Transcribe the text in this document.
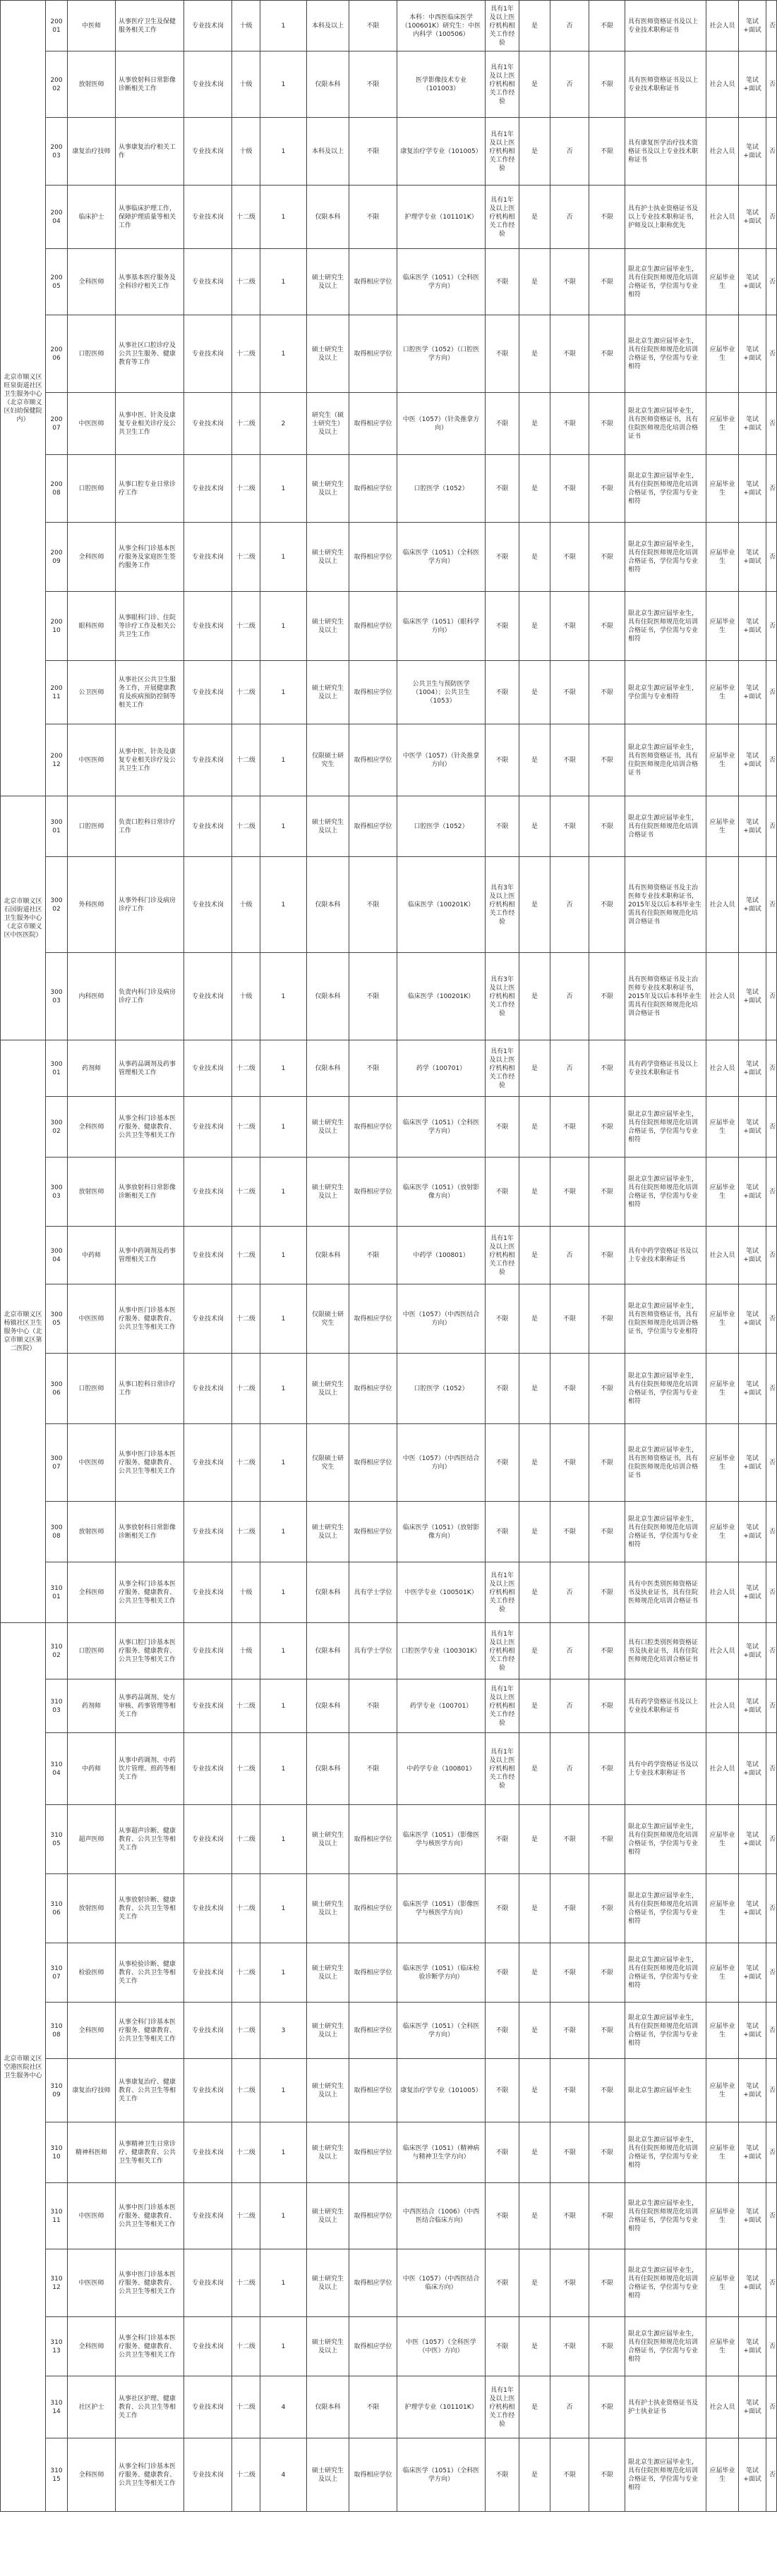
北京市顺义区旺泉街道社区卫生服务中心（北京市顺义区妇幼保健院内）	20001	中医师	从事医疗卫生及保健服务相关工作	专业技术岗	十级	1	本科及以上	不限	本科：中西医临床医学（100601K）研究生：中医内科学（100506）	具有1年及以上医疗机构相关工作经验	是	否	不限	具有医师资格证书及以上专业技术职称证书	社会人员	笔试+面试	否
	20002	放射医师	从事放射科日常影像诊断相关工作	专业技术岗	十级	1	仅限本科	不限	医学影像技术专业（101003）	具有1年及以上医疗机构相关工作经验	是	否	不限	具有医师资格证书及以上专业技术职称证书	社会人员	笔试+面试	否
	20003	康复治疗技师	从事康复治疗相关工作	专业技术岗	十级	1	本科及以上	不限	康复治疗学专业（101005）	具有1年及以上医疗机构相关工作经验	是	否	不限	具有康复医学治疗技术资格证书及以上专业技术职称证书	社会人员	笔试+面试	否
	20004	临床护士	从事临床护理工作，保障护理质量等相关工作	专业技术岗	十二级	1	仅限本科	不限	护理学专业（101101K）	具有1年及以上医疗机构相关工作经验	是	否	不限	具有护士执业资格证书及以上专业技术职称证书，护师及以上职称优先	社会人员	笔试+面试	否
	20005	全科医师	从事基本医疗服务及全科诊疗相关工作	专业技术岗	十二级	1	硕士研究生及以上	取得相应学位	临床医学（1051）（全科医学方向）	不限	是	不限	不限	限北京生源应届毕业生，具有住院医师规范化培训合格证书，学位需与专业相符	应届毕业生	笔试+面试	否
	20006	口腔医师	从事社区口腔诊疗及公共卫生服务、健康教育等工作	专业技术岗	十二级	1	硕士研究生及以上	取得相应学位	口腔医学（1052）（口腔医学方向）	不限	是	不限	不限	限北京生源应届毕业生，具有住院医师规范化培训合格证书，学位需与专业相符	应届毕业生	笔试+面试	否
	20007	中医医师	从事中医、针灸及康复专业相关诊疗及公共卫生工作	专业技术岗	十二级	2	研究生（硕士研究生）及以上	取得相应学位	中医（1057）（针灸推拿方向）	不限	是	不限	不限	限北京生源应届毕业生，具有医师资格证书，具有住院医师规范化培训合格证书	应届毕业生	笔试+面试	否
	20008	口腔医师	从事口腔专业日常诊疗工作	专业技术岗	十二级	1	硕士研究生及以上	取得相应学位	口腔医学（1052）	不限	是	不限	不限	限北京生源应届毕业生，具有住院医师规范化培训合格证书，学位需与专业相符	应届毕业生	笔试+面试	否
	20009	全科医师	从事全科门诊基本医疗服务及家庭医生签约服务工作	专业技术岗	十二级	1	硕士研究生及以上	取得相应学位	临床医学（1051）（全科医学方向）	不限	是	不限	不限	限北京生源应届毕业生，具有住院医师规范化培训合格证书，学位需与专业相符	应届毕业生	笔试+面试	否
	20010	眼科医师	从事眼科门诊、住院等诊疗工作及相关公共卫生工作	专业技术岗	十二级	1	硕士研究生及以上	取得相应学位	临床医学（1051）（眼科学方向）	不限	是	不限	不限	限北京生源应届毕业生，具有住院医师规范化培训合格证书，学位需与专业相符	应届毕业生	笔试+面试	否
	20011	公卫医师	从事社区公共卫生服务工作，开展健康教育及疾病预防控制等相关工作	专业技术岗	十二级	1	硕士研究生及以上	取得相应学位	公共卫生与预防医学（1004）；公共卫生（1053）	不限	是	不限	不限	限北京生源应届毕业生，学位需与专业相符	应届毕业生	笔试+面试	否
	20012	中医医师	从事中医、针灸及康复专业相关诊疗及公共卫生工作	专业技术岗	十二级	1	仅限硕士研究生	取得相应学位	中医学（1057）（针灸推拿方向）	不限	是	不限	不限	限北京生源应届毕业生，具有医师资格证书，具有住院医师规范化培训合格证书	应届毕业生	笔试+面试	否
北京市顺义区石园街道社区卫生服务中心（北京市顺义区中医医院）	30001	口腔医师	负责口腔科日常诊疗工作	专业技术岗	十二级	1	硕士研究生及以上	取得相应学位	口腔医学（1052）	不限	是	不限	不限	限北京生源应届毕业生，具有住院医师规范化培训合格证书	应届毕业生	笔试+面试	否
	30002	外科医师	从事外科门诊及病房诊疗工作	专业技术岗	十级	1	仅限本科	不限	临床医学（100201K）	具有3年及以上医疗机构相关工作经验	是	否	不限	具有医师资格证书及主治医师专业技术职称证书，2015年及以后本科毕业生需具有住院医师规范化培训合格证书	社会人员	笔试+面试	否
	30003	内科医师	负责内科门诊及病房诊疗工作	专业技术岗	十级	1	仅限本科	不限	临床医学（100201K）	具有3年及以上医疗机构相关工作经验	是	否	不限	具有医师资格证书及主治医师专业技术职称证书，2015年及以后本科毕业生需具有住院医师规范化培训合格证书	社会人员	笔试+面试	否
北京市顺义区杨镇社区卫生服务中心（北京市顺义区第二医院）	30001	药剂师	从事药品调剂及药事管理相关工作	专业技术岗	十二级	1	仅限本科	不限	药学（100701）	具有1年及以上医疗机构相关工作经验	是	否	不限	具有药学资格证书及以上专业技术职称证书	社会人员	笔试+面试	否
	30002	全科医师	从事全科门诊基本医疗服务、健康教育、公共卫生等相关工作	专业技术岗	十二级	1	硕士研究生及以上	取得相应学位	临床医学（1051）（全科医学方向）	不限	是	不限	不限	限北京生源应届毕业生，具有住院医师规范化培训合格证书，学位需与专业相符	应届毕业生	笔试+面试	否
	30003	放射医师	从事放射科日常影像诊断相关工作	专业技术岗	十二级	1	硕士研究生及以上	取得相应学位	临床医学（1051）（放射影像方向）	不限	是	不限	不限	限北京生源应届毕业生，具有住院医师规范化培训合格证书，学位需与专业相符	应届毕业生	笔试+面试	否
	30004	中药师	从事中药调剂及药事管理相关工作	专业技术岗	十二级	1	仅限本科	不限	中药学（100801）	具有1年及以上医疗机构相关工作经验	是	否	不限	具有中药学资格证书及以上专业技术职称证书	社会人员	笔试+面试	否
	30005	中医医师	从事中医门诊基本医疗服务、健康教育、公共卫生等相关工作	专业技术岗	十二级	1	仅限硕士研究生	取得相应学位	中医（1057）（中西医结合方向）	不限	是	不限	不限	限北京生源应届毕业生，具有医师资格证书，具有住院医师规范化培训合格证书，学位需与专业相符	应届毕业生	笔试+面试	否
	30006	口腔医师	从事口腔科日常诊疗工作	专业技术岗	十二级	1	硕士研究生及以上	取得相应学位	口腔医学（1052）	不限	是	不限	不限	限北京生源应届毕业生，具有住院医师规范化培训合格证书，学位需与专业相符	应届毕业生	笔试+面试	否
	30007	中医医师	从事中医门诊基本医疗服务、健康教育、公共卫生等相关工作	专业技术岗	十二级	1	仅限硕士研究生	取得相应学位	中医（1057）（中西医结合方向）	不限	是	不限	不限	限北京生源应届毕业生，具有医师资格证书，具有住院医师规范化培训合格证书	应届毕业生	笔试+面试	否
	30008	放射医师	从事放射科日常影像诊断相关工作	专业技术岗	十二级	1	硕士研究生及以上	取得相应学位	临床医学（1051）（放射影像方向）	不限	是	不限	不限	限北京生源应届毕业生，具有住院医师规范化培训合格证书，学位需与专业相符	应届毕业生	笔试+面试	否
	31001	全科医师	从事全科门诊基本医疗服务、健康教育、公共卫生等相关工作	专业技术岗	十级	1	仅限本科	具有学士学位	中医学专业（100501K）	具有1年及以上医疗机构相关工作经验	是	否	不限	具有中医类别医师资格证书及执业证书，具有住院医师规范化培训合格证书	社会人员	笔试+面试	否
北京市顺义区空港医院社区卫生服务中心	31002	口腔医师	从事口腔门诊基本医疗服务、健康教育、公共卫生等相关工作	专业技术岗	十级	1	仅限本科	具有学士学位	口腔医学专业（100301K）	具有1年及以上医疗机构相关工作经验	是	否	不限	具有口腔类别医师资格证书及执业证书，具有住院医师规范化培训合格证书	社会人员	笔试+面试	否
	31003	药剂师	从事药品调剂、处方审核、药事管理等相关工作	专业技术岗	十二级	1	仅限本科	不限	药学专业（100701）	具有1年及以上医疗机构相关工作经验	是	否	不限	具有药学资格证书及以上专业技术职称证书	社会人员	笔试+面试	否
	31004	中药师	从事中药调剂、中药饮片管理、煎药等相关工作	专业技术岗	十二级	1	仅限本科	不限	中药学专业（100801）	具有1年及以上医疗机构相关工作经验	是	否	不限	具有中药学资格证书及以上专业技术职称证书	社会人员	笔试+面试	否
	31005	超声医师	从事超声诊断、健康教育、公共卫生等相关工作	专业技术岗	十二级	1	硕士研究生及以上	取得相应学位	临床医学（1051）（影像医学与核医学方向）	不限	是	不限	不限	限北京生源应届毕业生，具有住院医师规范化培训合格证书，学位需与专业相符	应届毕业生	笔试+面试	否
	31006	放射医师	从事放射诊断、健康教育、公共卫生等相关工作	专业技术岗	十二级	1	硕士研究生及以上	取得相应学位	临床医学（1051）（影像医学与核医学方向）	不限	是	不限	不限	限北京生源应届毕业生，具有住院医师规范化培训合格证书，学位需与专业相符	应届毕业生	笔试+面试	否
	31007	检验医师	从事检验诊断、健康教育、公共卫生等相关工作	专业技术岗	十二级	1	硕士研究生及以上	取得相应学位	临床医学（1051）（临床检验诊断学方向）	不限	是	不限	不限	限北京生源应届毕业生，具有住院医师规范化培训合格证书，学位需与专业相符	应届毕业生	笔试+面试	否
	31008	全科医师	从事全科门诊基本医疗服务、健康教育、公共卫生等相关工作	专业技术岗	十二级	3	硕士研究生及以上	取得相应学位	临床医学（1051）（全科医学方向）	不限	是	不限	不限	限北京生源应届毕业生，具有住院医师规范化培训合格证书，学位需与专业相符	应届毕业生	笔试+面试	否
	31009	康复治疗技师	从事康复治疗、健康教育、公共卫生等相关工作	专业技术岗	十二级	1	硕士研究生及以上	取得相应学位	康复治疗学专业（101005）	不限	是	不限	不限	限北京生源应届毕业生	应届毕业生	笔试+面试	否
	31010	精神科医师	从事精神卫生日常诊疗、健康教育、公共卫生等相关工作	专业技术岗	十二级	1	硕士研究生及以上	取得相应学位	临床医学（1051）（精神病与精神卫生学方向）	不限	是	不限	不限	限北京生源应届毕业生，具有住院医师规范化培训合格证书，学位需与专业相符	应届毕业生	笔试+面试	否
	31011	中医医师	从事中医门诊基本医疗服务、健康教育、公共卫生等相关工作	专业技术岗	十二级	1	硕士研究生及以上	取得相应学位	中西医结合（1006）（中西医结合临床方向）	不限	是	不限	不限	限北京生源应届毕业生，具有住院医师规范化培训合格证书，学位需与专业相符	应届毕业生	笔试+面试	否
	31012	中医医师	从事中医门诊基本医疗服务、健康教育、公共卫生等相关工作	专业技术岗	十二级	1	硕士研究生及以上	取得相应学位	中医（1057）（中西医结合临床方向）	不限	是	不限	不限	限北京生源应届毕业生，具有住院医师规范化培训合格证书，学位需与专业相符	应届毕业生	笔试+面试	否
	31013	全科医师	从事全科门诊基本医疗服务、健康教育、公共卫生等相关工作	专业技术岗	十二级	1	硕士研究生及以上	取得相应学位	中医（1057）（全科医学（中医）方向）	不限	是	不限	不限	限北京生源应届毕业生，具有住院医师规范化培训合格证书，学位需与专业相符	应届毕业生	笔试+面试	否
	31014	社区护士	从事社区护理、健康教育、公共卫生等相关工作	专业技术岗	十二级	4	仅限本科	不限	护理学专业（101101K）	具有1年及以上医疗机构相关工作经验	是	否	不限	具有护士执业资格证书及护士执业证书	社会人员	笔试+面试	否
	31015	全科医师	从事全科门诊基本医疗服务、健康教育、公共卫生等相关工作	专业技术岗	十二级	4	硕士研究生及以上	取得相应学位	临床医学（1051）（全科医学方向）	不限	是	不限	不限	限北京生源应届毕业生，具有住院医师规范化培训合格证书，学位需与专业相符	应届毕业生	笔试+面试	否
